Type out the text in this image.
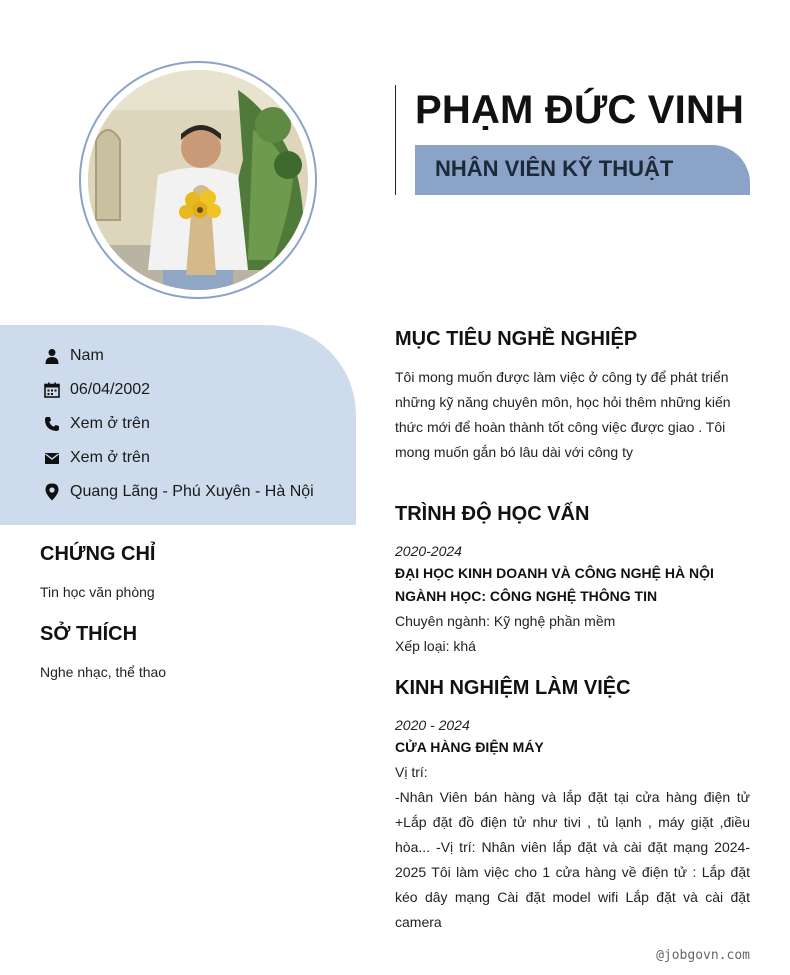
PHẠM ĐỨC VINH
NHÂN VIÊN KỸ THUẬT
Nam
06/04/2002
Xem ở trên
Xem ở trên
Quang Lãng - Phú Xuyên - Hà Nội
CHỨNG CHỈ
Tin học văn phòng
SỞ THÍCH
Nghe nhạc, thể thao
MỤC TIÊU NGHỀ NGHIỆP
Tôi mong muốn được làm việc ở công ty để phát triển những kỹ năng chuyên môn, học hỏi thêm những kiến thức mới để hoàn thành tốt công việc được giao . Tôi mong muốn gắn bó lâu dài với công ty
TRÌNH ĐỘ HỌC VẤN
2020-2024
ĐẠI HỌC KINH DOANH VÀ CÔNG NGHỆ HÀ NỘI NGÀNH HỌC: CÔNG NGHỆ THÔNG TIN
Chuyên ngành: Kỹ nghệ phần mềm
Xếp loại: khá
KINH NGHIỆM LÀM VIỆC
2020 - 2024
CỬA HÀNG ĐIỆN MÁY
Vị trí:
-Nhân Viên bán hàng và lắp đặt tại cửa hàng điện tử +Lắp đặt đồ điện tử như tivi , tủ lạnh , máy giặt ,điều hòa... -Vị trí: Nhân viên lắp đặt và cài đặt mạng 2024-2025 Tôi làm việc cho 1 cửa hàng về điện tử : Lắp đặt kéo dây mạng Cài đặt model wifi Lắp đặt và cài đặt camera
@jobgovn.com
